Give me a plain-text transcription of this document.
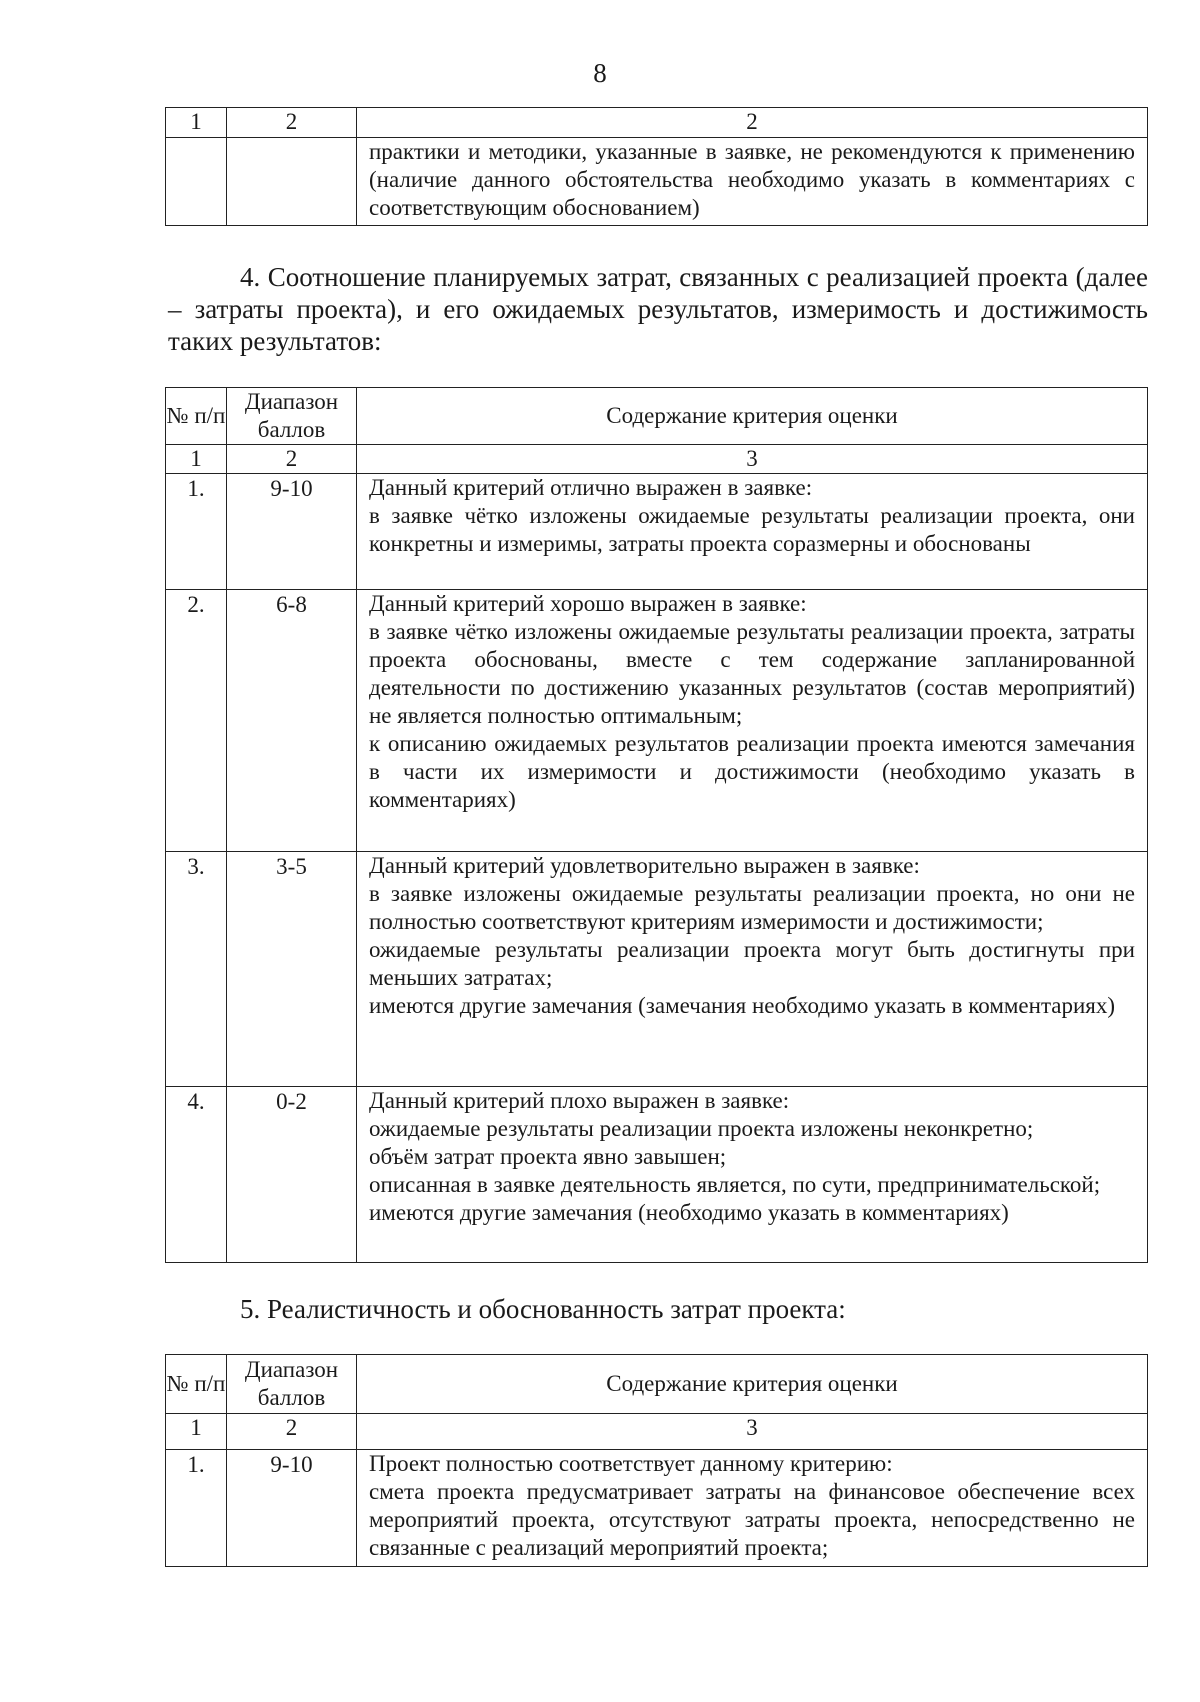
8
1	2	2
		практики и методики, указанные в заявке, не рекомендуются к применению (наличие данного обстоятельства необходимо указать в комментариях с соответствующим обоснованием)
4. Соотношение планируемых затрат, связанных с реализацией проекта (далее – затраты проекта), и его ожидаемых результатов, измеримость и достижимость таких результатов:
№ п/п	Диапазон баллов	Содержание критерия оценки
1	2	3
1.	9-10	Данный критерий отлично выражен в заявке:
в заявке чётко изложены ожидаемые результаты реализации проекта, они конкретны и измеримы, затраты проекта соразмерны и обоснованы

2.	6-8	Данный критерий хорошо выражен в заявке:
в заявке чётко изложены ожидаемые результаты реализации проекта, затраты проекта обоснованы, вместе с тем содержание запланированной деятельности по достижению указанных результатов (состав мероприятий) не является полностью оптимальным;
к описанию ожидаемых результатов реализации проекта имеются замечания в части их измеримости и достижимости (необходимо указать в комментариях)

3.	3-5	Данный критерий удовлетворительно выражен в заявке:
в заявке изложены ожидаемые результаты реализации проекта, но они не полностью соответствуют критериям измеримости и достижимости;
ожидаемые результаты реализации проекта могут быть достигнуты при меньших затратах;
имеются другие замечания (замечания необходимо указать в комментариях)

4.	0-2	Данный критерий плохо выражен в заявке:
ожидаемые результаты реализации проекта изложены неконкретно;
объём затрат проекта явно завышен;
описанная в заявке деятельность является, по сути, предпринимательской;
имеются другие замечания (необходимо указать в комментариях)
5. Реалистичность и обоснованность затрат проекта:
№ п/п	Диапазон баллов	Содержание критерия оценки
1	2	3
1.	9-10	Проект полностью соответствует данному критерию:
смета проекта предусматривает затраты на финансовое обеспечение всех мероприятий проекта, отсутствуют затраты проекта, непосредственно не связанные с реализаций мероприятий проекта;
